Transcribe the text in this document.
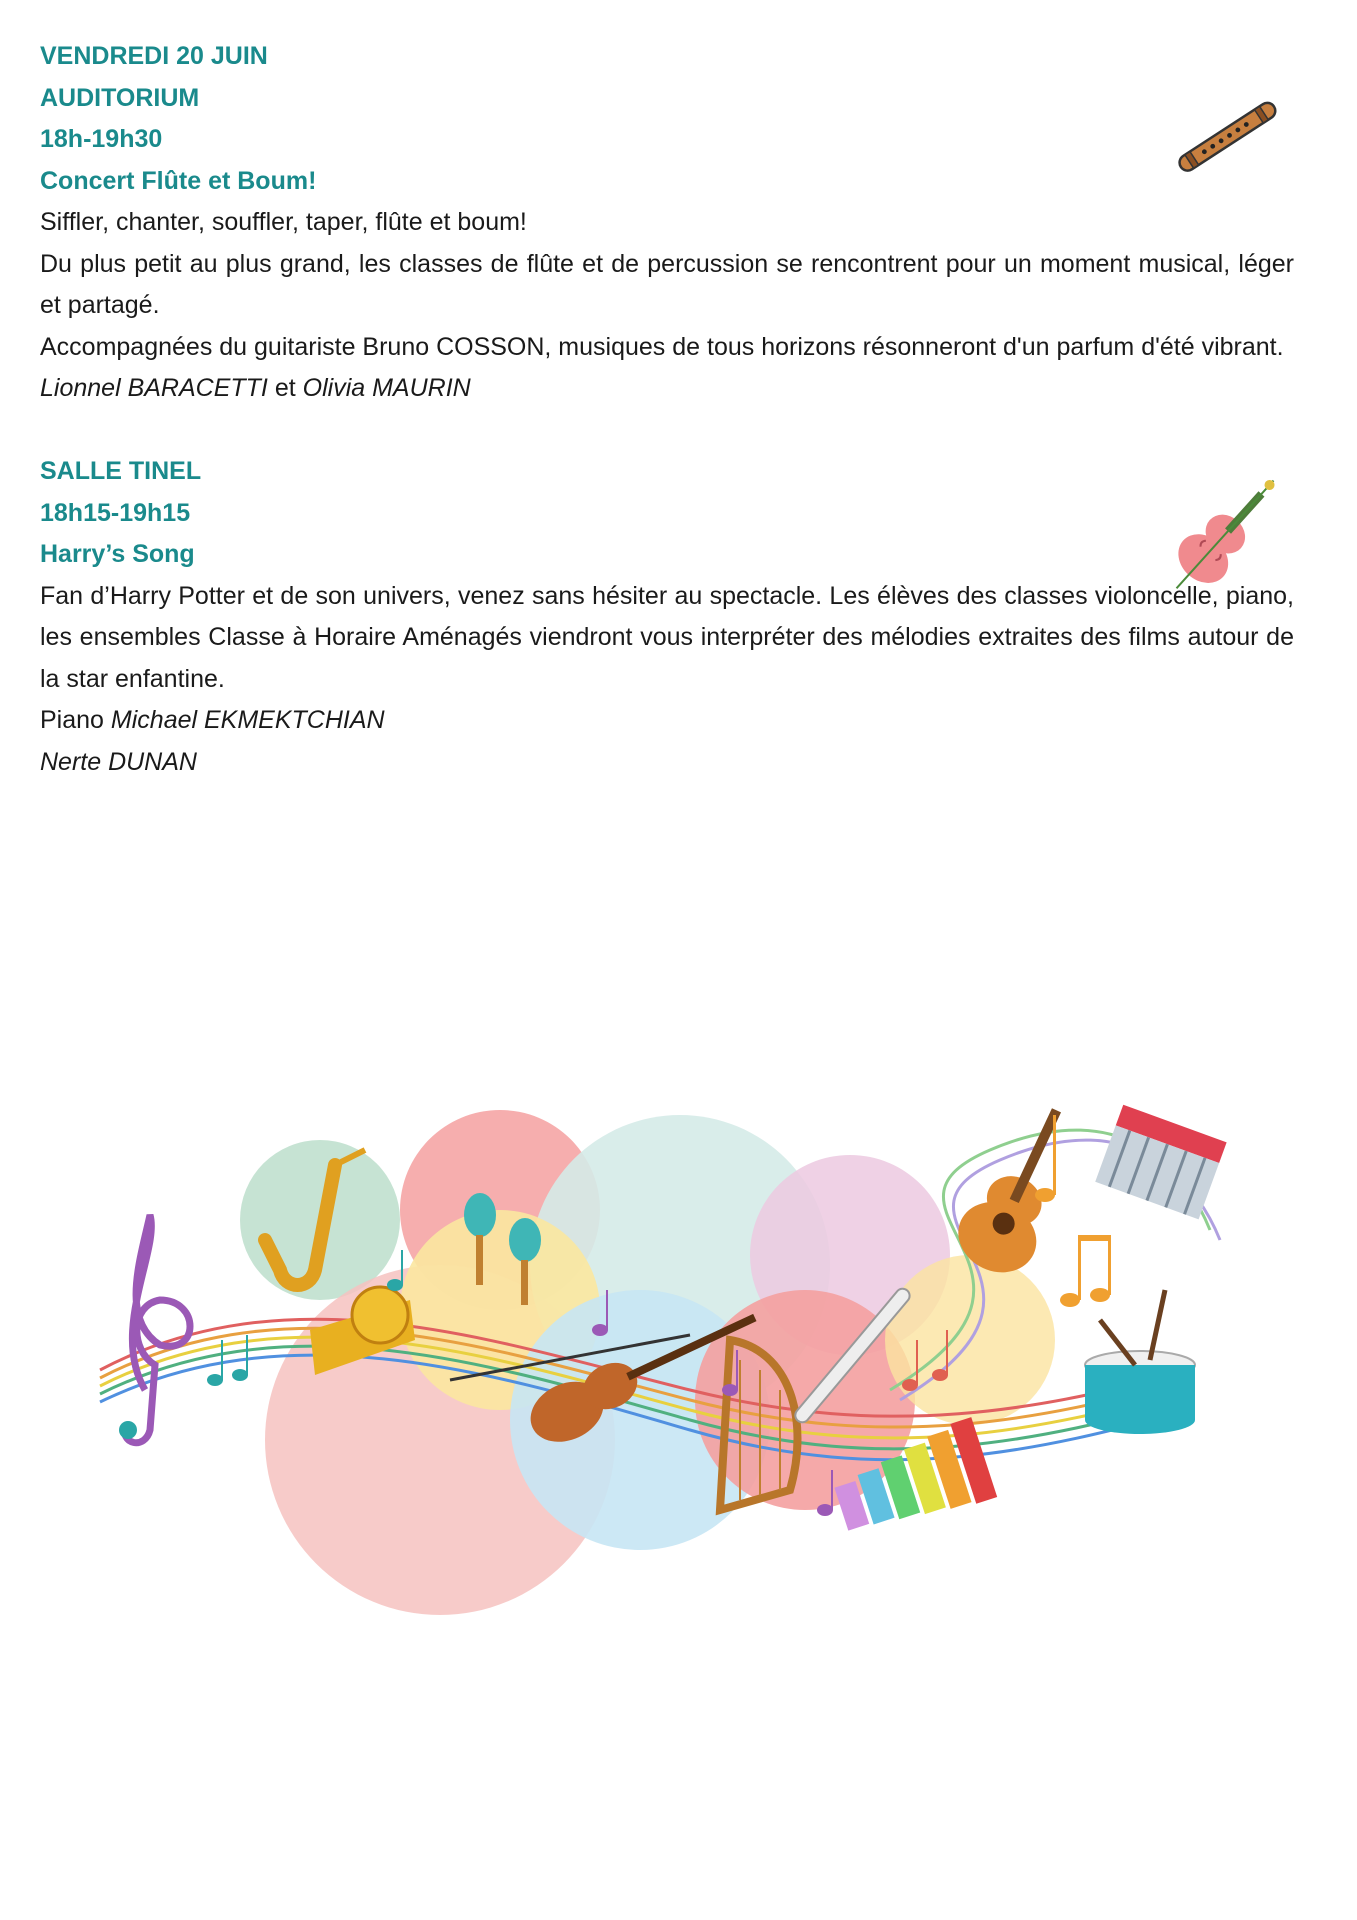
VENDREDI 20 JUIN

AUDITORIUM

18h-19h30

Concert Flûte et Boum!

Siffler, chanter, souffler, taper, flûte et boum!

Du plus petit au plus grand, les classes de flûte et de percussion se rencontrent pour un moment musical, léger et partagé.

Accompagnées du guitariste Bruno COSSON, musiques de tous horizons résonneront d'un parfum d'été vibrant.

Lionnel BARACETTI et Olivia MAURIN

SALLE TINEL

18h15-19h15

Harry’s Song

Fan d’Harry Potter et de son univers, venez sans hésiter au spectacle. Les élèves des classes violoncelle, piano, les ensembles Classe à Horaire Aménagés viendront vous interpréter des mélodies extraites des films autour de la star enfantine.

Piano Michael EKMEKTCHIAN

Nerte DUNAN
